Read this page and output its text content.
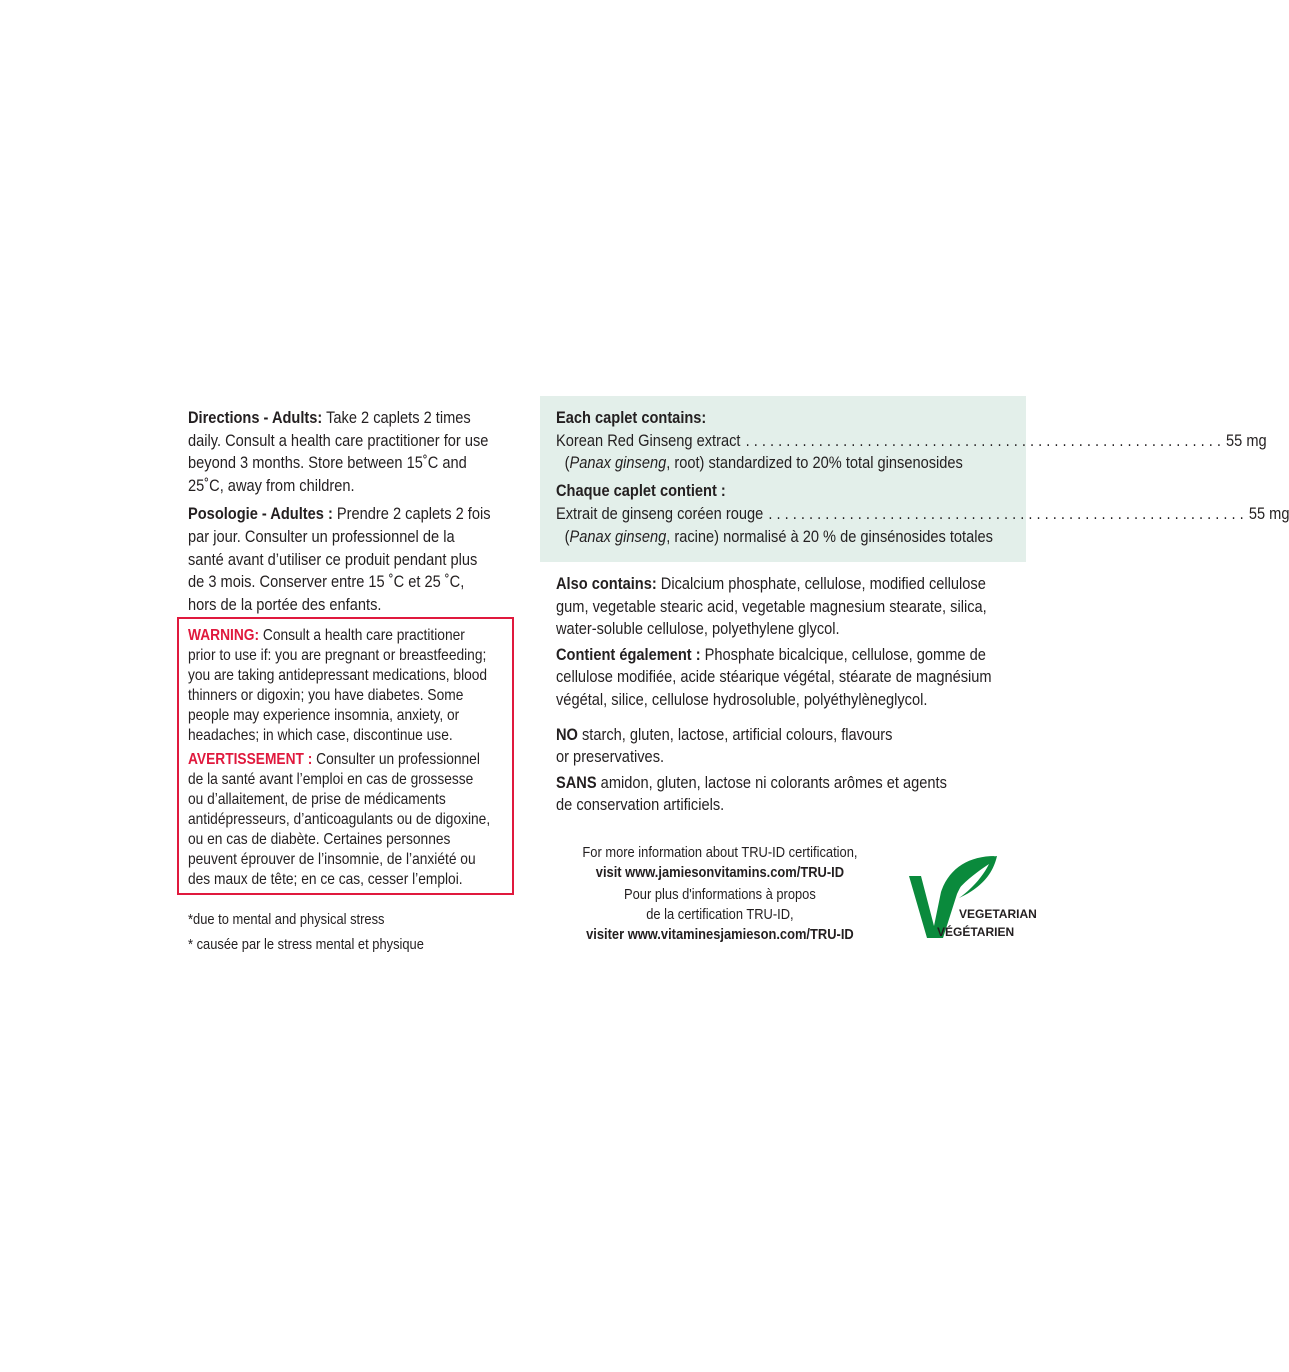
Directions - Adults: Take 2 caplets 2 times
daily. Consult a health care practitioner for use
beyond 3 months. Store between 15˚C and
25˚C, away from children.

Posologie - Adultes : Prendre 2 caplets 2 fois
par jour. Consulter un professionnel de la
santé avant d’utiliser ce produit pendant plus
de 3 mois. Conserver entre 15 ˚C et 25 ˚C,
hors de la portée des enfants.

WARNING: Consult a health care practitioner
prior to use if: you are pregnant or breastfeeding;
you are taking antidepressant medications, blood
thinners or digoxin; you have diabetes. Some
people may experience insomnia, anxiety, or
headaches; in which case, discontinue use.

AVERTISSEMENT : Consulter un professionnel
de la santé avant l’emploi en cas de grossesse
ou d’allaitement, de prise de médicaments
antidépresseurs, d’anticoagulants ou de digoxine,
ou en cas de diabète. Certaines personnes
peuvent éprouver de l’insomnie, de l’anxiété ou
des maux de tête; en ce cas, cesser l’emploi.

*due to mental and physical stress

* causée par le stress mental et physique

Each caplet contains:

Korean Red Ginseng extract . . .	55 mg

(Panax ginseng, root) standardized to 20% total ginsenosides

Chaque caplet contient :

Extrait de ginseng coréen rouge . . .	55 mg

(Panax ginseng, racine) normalisé à 20 % de ginsénosides totales

Also contains: Dicalcium phosphate, cellulose, modified cellulose
gum, vegetable stearic acid, vegetable magnesium stearate, silica,
water-soluble cellulose, polyethylene glycol.

Contient également : Phosphate bicalcique, cellulose, gomme de
cellulose modifiée, acide stéarique végétal, stéarate de magnésium
végétal, silice, cellulose hydrosoluble, polyéthylèneglycol.

NO starch, gluten, lactose, artificial colours, flavours
or preservatives.

SANS amidon, gluten, lactose ni colorants arômes et agents
de conservation artificiels.

For more information about TRU-ID certification,

visit www.jamiesonvitamins.com/TRU-ID

Pour plus d'informations à propos

de la certification TRU-ID,

visiter www.vitaminesjamieson.com/TRU-ID

VEGETARIAN
VÉGÉTARIEN
